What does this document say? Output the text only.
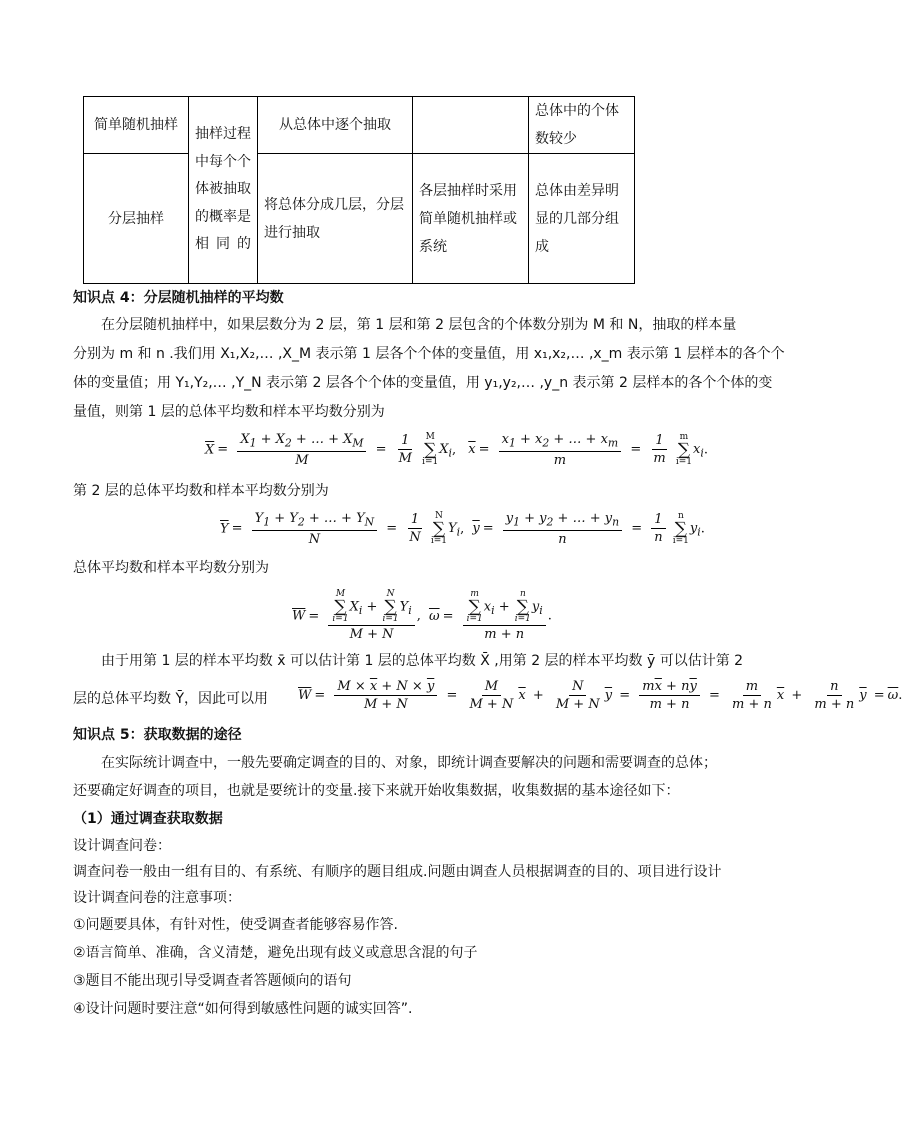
简单随机抽样	抽样过程中每个个体被抽取的概率是相同的	从总体中逐个抽取		总体中的个体数较少
分层抽样		将总体分成几层，分层进行抽取	各层抽样时采用简单随机抽样或系统	总体由差异明显的几部分组成
知识点 4：分层随机抽样的平均数
在分层随机抽样中，如果层数分为 2 层，第 1 层和第 2 层包含的个体数分别为 M 和 N，抽取的样本量
分别为 m 和 n .我们用 X₁,X₂,… ,X_M 表示第 1 层各个个体的变量值，用 x₁,x₂,… ,x_m 表示第 1 层样本的各个个
体的变量值；用 Y₁,Y₂,… ,Y_N 表示第 2 层各个个体的变量值，用 y₁,y₂,… ,y_n 表示第 2 层样本的各个个体的变
量值，则第 1 层的总体平均数和样本平均数分别为
$\overline{X} = \frac{X_1 + X_2 + \dots + X_M}{M} = \frac{1}{M}$
M
∑
i=1
$X_i$, $\overline{x} = \frac{x_1 + x_2 + \dots + x_m}{m} = \frac{1}{m}$
m
∑
i=1
$x_i$.
第 2 层的总体平均数和样本平均数分别为
$\overline{Y} = \frac{Y_1 + Y_2 + \dots + Y_N}{N} = \frac{1}{N}$
N
∑
i=1
$Y_i$, $\overline{y} = \frac{y_1 + y_2 + \dots + y_n}{n} = \frac{1}{n}$
n
∑
i=1
$y_i$.
总体平均数和样本平均数分别为
$\overline{W} = M$
∑
i=1
$X_i$ +
N
∑
i=1
$Y_i$
M + N , $\overline{\omega} = m$
∑
i=1
$x_i$ +
n
∑
i=1
$y_i$
m + n .
由于用第 1 层的样本平均数 x̄ 可以估计第 1 层的总体平均数 X̄ ,用第 2 层的样本平均数 ȳ 可以估计第 2
层的总体平均数 Ȳ，因此可以用	$\overline{W} = \frac{M \times \overline{x} + N \times \overline{y}}{M + N} = \frac{M}{M + N} \overline{x} + \frac{N}{M + N} \overline{y} = \frac{m\overline{x} + n\overline{y}}{m + n} = \frac{m}{m + n} \overline{x} + \frac{n}{m + n} \overline{y} = \overline{\omega}$.
知识点 5：获取数据的途径
在实际统计调查中，一般先要确定调查的目的、对象，即统计调查要解决的问题和需要调查的总体；
还要确定好调查的项目，也就是要统计的变量.接下来就开始收集数据，收集数据的基本途径如下：
（1）通过调查获取数据
设计调查问卷：
调查问卷一般由一组有目的、有系统、有顺序的题目组成.问题由调查人员根据调查的目的、项目进行设计
设计调查问卷的注意事项：
①问题要具体，有针对性，使受调查者能够容易作答.
②语言简单、准确，含义清楚，避免出现有歧义或意思含混的句子
③题目不能出现引导受调查者答题倾向的语句
④设计问题时要注意“如何得到敏感性问题的诚实回答”.
